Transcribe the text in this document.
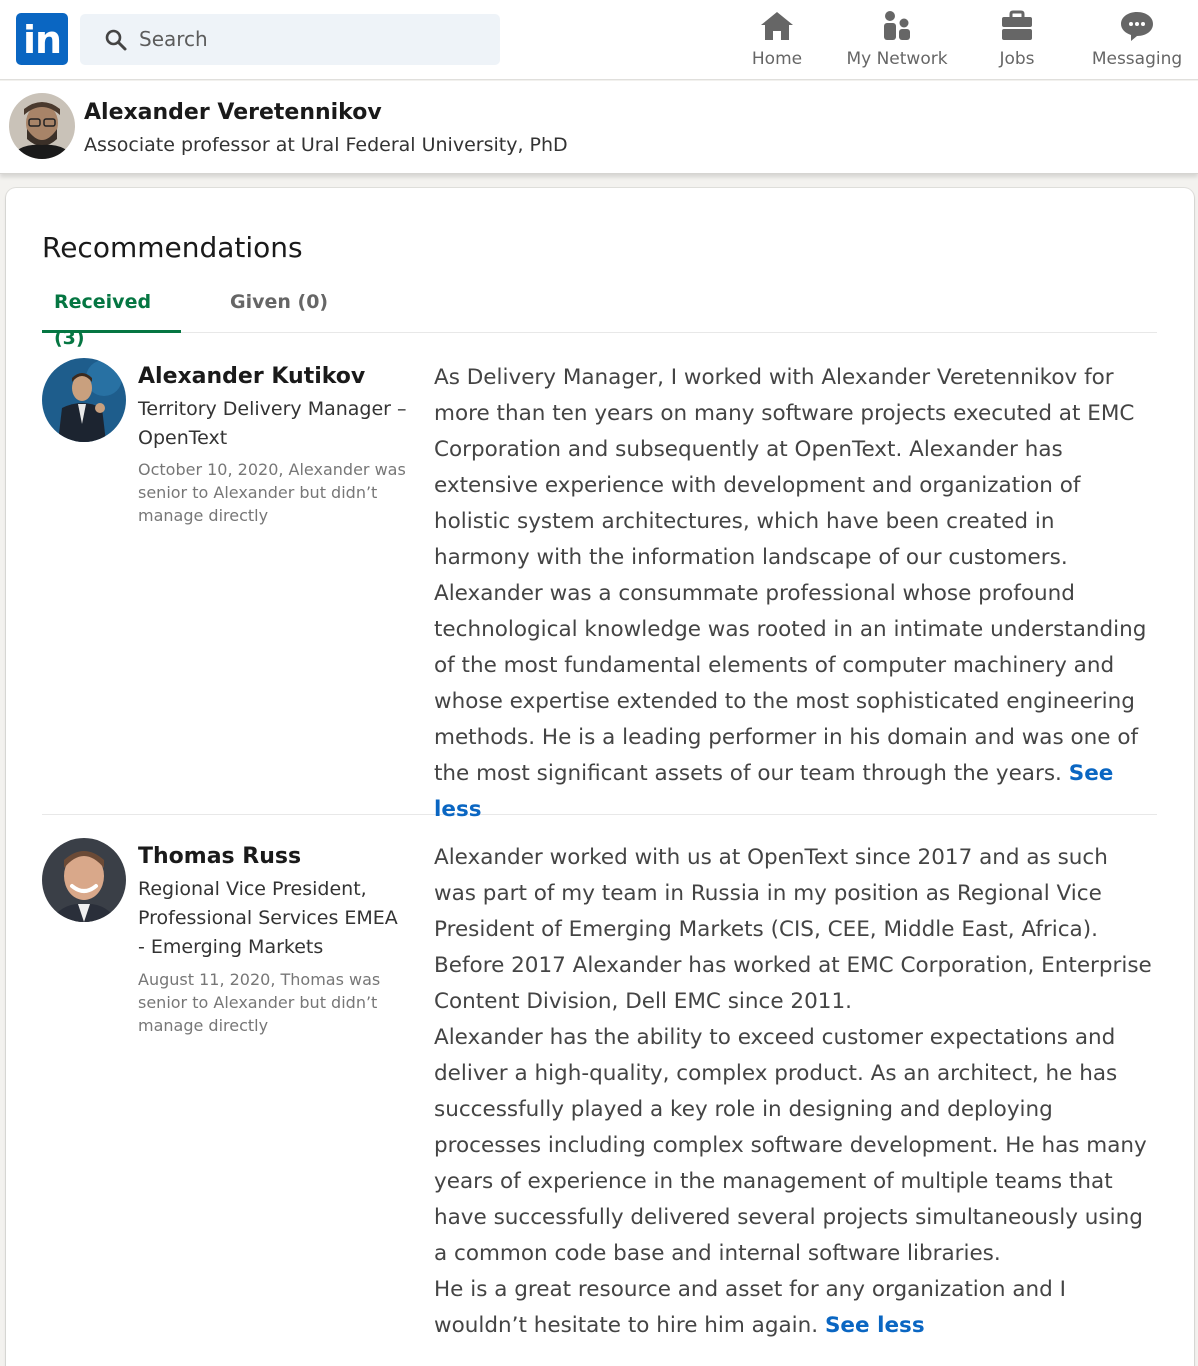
in	Search
Home	My Network	Jobs	Messaging
Alexander Veretennikov
Associate professor at Ural Federal University, PhD
Recommendations
Received (3)
Given (0)
Alexander Kutikov
Territory Delivery Manager – OpenText
October 10, 2020, Alexander was senior to Alexander but didn’t manage directly
As Delivery Manager, I worked with Alexander Veretennikov for more than ten years on many software projects executed at EMC Corporation and subsequently at OpenText. Alexander has extensive experience with development and organization of holistic system architectures, which have been created in harmony with the information landscape of our customers. Alexander was a consummate professional whose profound technological knowledge was rooted in an intimate understanding of the most fundamental elements of computer machinery and whose expertise extended to the most sophisticated engineering methods. He is a leading performer in his domain and was one of the most significant assets of our team through the years. See less
Thomas Russ
Regional Vice President, Professional Services EMEA - Emerging Markets
August 11, 2020, Thomas was senior to Alexander but didn’t manage directly

Alexander worked with us at OpenText since 2017 and as such was part of my team in Russia in my position as Regional Vice President of Emerging Markets (CIS, CEE, Middle East, Africa). Before 2017 Alexander has worked at EMC Corporation, Enterprise Content Division, Dell EMC since 2011.

Alexander has the ability to exceed customer expectations and deliver a high-quality, complex product. As an architect, he has successfully played a key role in designing and deploying processes including complex software development. He has many years of experience in the management of multiple teams that have successfully delivered several projects simultaneously using a common code base and internal software libraries.

He is a great resource and asset for any organization and I wouldn’t hesitate to hire him again. See less
